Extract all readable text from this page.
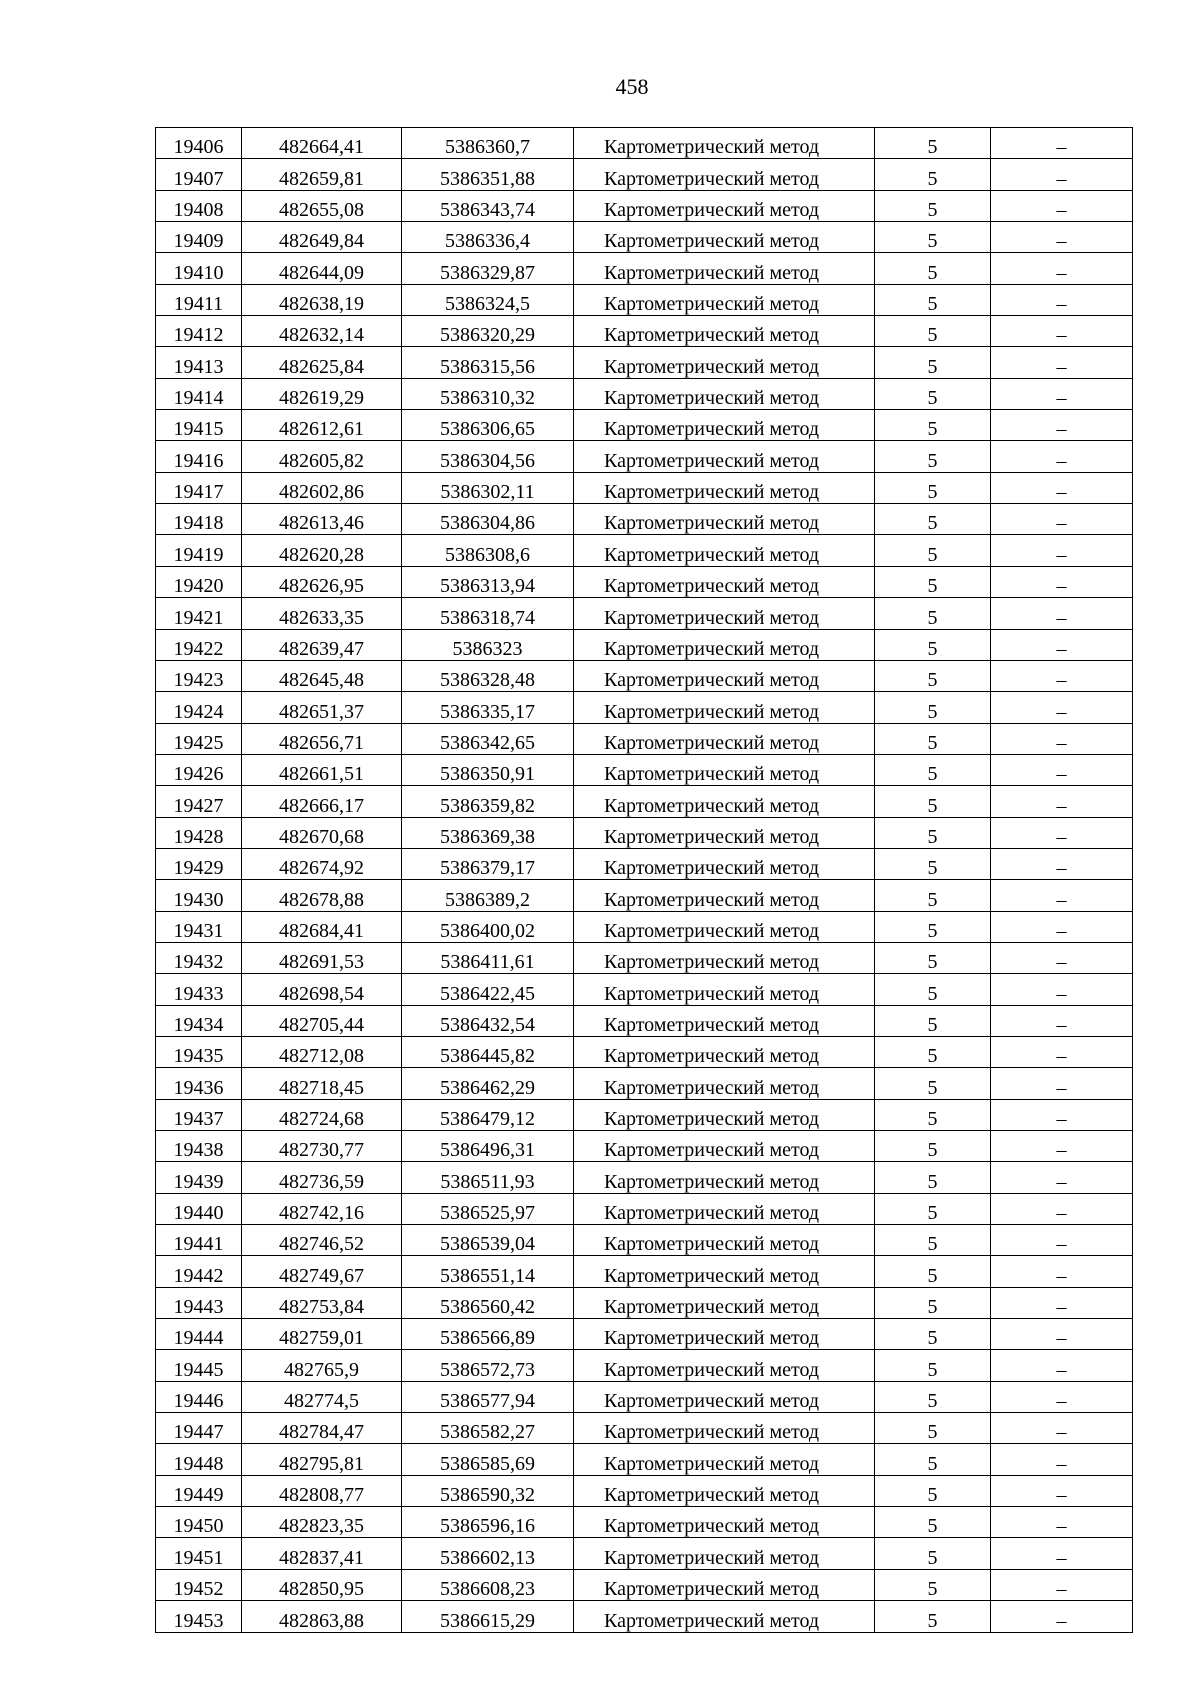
458
19406	482664,41	5386360,7	Картометрический метод	5	–
19407	482659,81	5386351,88	Картометрический метод	5	–
19408	482655,08	5386343,74	Картометрический метод	5	–
19409	482649,84	5386336,4	Картометрический метод	5	–
19410	482644,09	5386329,87	Картометрический метод	5	–
19411	482638,19	5386324,5	Картометрический метод	5	–
19412	482632,14	5386320,29	Картометрический метод	5	–
19413	482625,84	5386315,56	Картометрический метод	5	–
19414	482619,29	5386310,32	Картометрический метод	5	–
19415	482612,61	5386306,65	Картометрический метод	5	–
19416	482605,82	5386304,56	Картометрический метод	5	–
19417	482602,86	5386302,11	Картометрический метод	5	–
19418	482613,46	5386304,86	Картометрический метод	5	–
19419	482620,28	5386308,6	Картометрический метод	5	–
19420	482626,95	5386313,94	Картометрический метод	5	–
19421	482633,35	5386318,74	Картометрический метод	5	–
19422	482639,47	5386323	Картометрический метод	5	–
19423	482645,48	5386328,48	Картометрический метод	5	–
19424	482651,37	5386335,17	Картометрический метод	5	–
19425	482656,71	5386342,65	Картометрический метод	5	–
19426	482661,51	5386350,91	Картометрический метод	5	–
19427	482666,17	5386359,82	Картометрический метод	5	–
19428	482670,68	5386369,38	Картометрический метод	5	–
19429	482674,92	5386379,17	Картометрический метод	5	–
19430	482678,88	5386389,2	Картометрический метод	5	–
19431	482684,41	5386400,02	Картометрический метод	5	–
19432	482691,53	5386411,61	Картометрический метод	5	–
19433	482698,54	5386422,45	Картометрический метод	5	–
19434	482705,44	5386432,54	Картометрический метод	5	–
19435	482712,08	5386445,82	Картометрический метод	5	–
19436	482718,45	5386462,29	Картометрический метод	5	–
19437	482724,68	5386479,12	Картометрический метод	5	–
19438	482730,77	5386496,31	Картометрический метод	5	–
19439	482736,59	5386511,93	Картометрический метод	5	–
19440	482742,16	5386525,97	Картометрический метод	5	–
19441	482746,52	5386539,04	Картометрический метод	5	–
19442	482749,67	5386551,14	Картометрический метод	5	–
19443	482753,84	5386560,42	Картометрический метод	5	–
19444	482759,01	5386566,89	Картометрический метод	5	–
19445	482765,9	5386572,73	Картометрический метод	5	–
19446	482774,5	5386577,94	Картометрический метод	5	–
19447	482784,47	5386582,27	Картометрический метод	5	–
19448	482795,81	5386585,69	Картометрический метод	5	–
19449	482808,77	5386590,32	Картометрический метод	5	–
19450	482823,35	5386596,16	Картометрический метод	5	–
19451	482837,41	5386602,13	Картометрический метод	5	–
19452	482850,95	5386608,23	Картометрический метод	5	–
19453	482863,88	5386615,29	Картометрический метод	5	–
